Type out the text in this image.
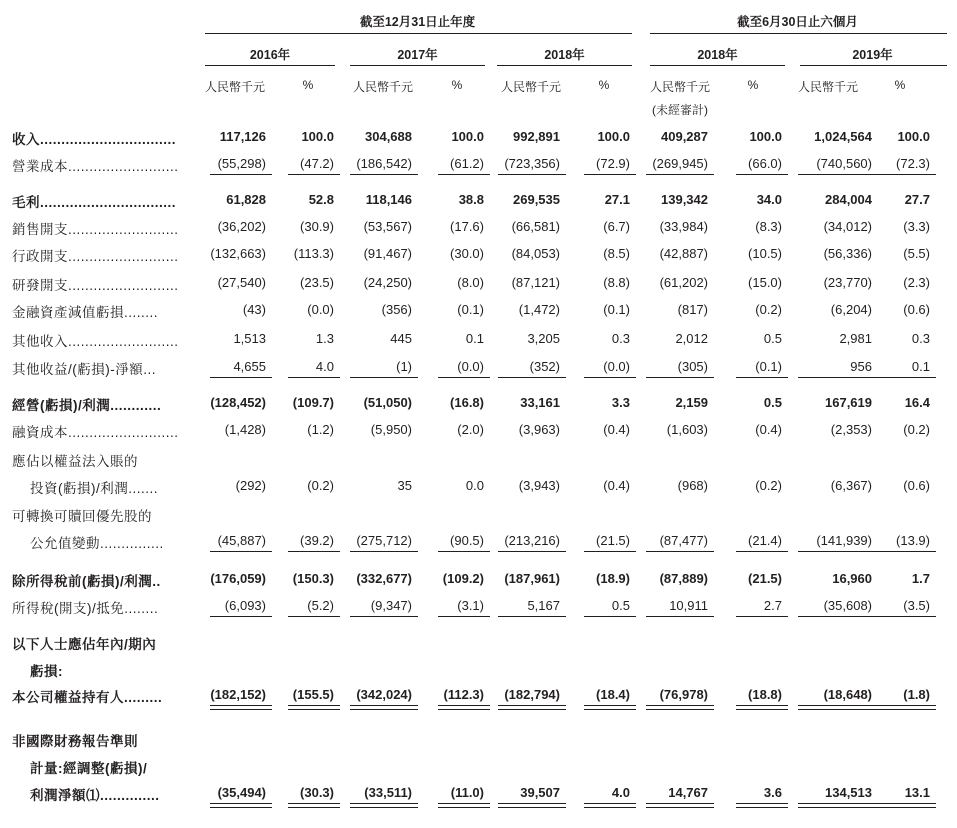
截至12月31日止年度	截至6月30日止六個月
2016年	2017年	2018年	2018年	2019年
人民幣千元	%	人民幣千元	%	人民幣千元	%	人民幣千元	%	人民幣千元	%
(未經審計)
收入................................	117,126	100.0 304,688	100.0 992,891	100.0 409,287	100.0 1,024,564 100.0
營業成本..........................	(55,298)	(47.2) (186,542)	(61.2) (723,356)	(72.9) (269,945)	(66.0)	(740,560) (72.3)
毛利................................	61,828	52.8 118,146	38.8 269,535	27.1 139,342	34.0	284,004	27.7
銷售開支..........................	(36,202)	(30.9) (53,567)	(17.6) (66,581)	(6.7) (33,984)	(8.3)	(34,012) (3.3)
行政開支.......................... (132,663) (113.3) (91,467)	(30.0) (84,053)	(8.5) (42,887)	(10.5)	(56,336) (5.5)
研發開支..........................	(27,540)	(23.5) (24,250)	(8.0) (87,121)	(8.8) (61,202)	(15.0)	(23,770) (2.3)
金融資產減值虧損........	(43)	(0.0)	(356)	(0.1)	(1,472)	(0.1)	(817)	(0.2)	(6,204) (0.6)
其他收入..........................	1,513	1.3	445	0.1	3,205	0.3	2,012	0.5	2,981	0.3
其他收益/(虧損)-淨額...	4,655	4.0	(1)	(0.0)	(352)	(0.0)	(305)	(0.1)	956	0.1
經營(虧損)/利潤............	(128,452) (109.7) (51,050)	(16.8)	33,161	3.3	2,159	0.5	167,619	16.4
融資成本..........................	(1,428)	(1.2)	(5,950)	(2.0)	(3,963)	(0.4)	(1,603)	(0.4)	(2,353) (0.2)
應佔以權益法入賬的
投資(虧損)/利潤.......	(292)	(0.2)	35	0.0	(3,943)	(0.4)	(968)	(0.2)	(6,367) (0.6)
可轉換可贖回優先股的
公允值變動...............	(45,887)	(39.2) (275,712)	(90.5) (213,216)	(21.5) (87,477)	(21.4)	(141,939) (13.9)
除所得稅前(虧損)/利潤..	(176,059) (150.3) (332,677) (109.2) (187,961)	(18.9) (87,889)	(21.5)	16,960	1.7
所得稅(開支)/抵免........	(6,093)	(5.2)	(9,347)	(3.1)	5,167	0.5	10,911	2.7	(35,608) (3.5)
以下人士應佔年內/期內
虧損:
本公司權益持有人.........	(182,152) (155.5) (342,024) (112.3) (182,794)	(18.4) (76,978)	(18.8)	(18,648) (1.8)
非國際財務報告準則
計量:經調整(虧損)/
利潤淨額⑴..............	(35,494)	(30.3) (33,511)	(11.0)	39,507	4.0	14,767	3.6	134,513	13.1
